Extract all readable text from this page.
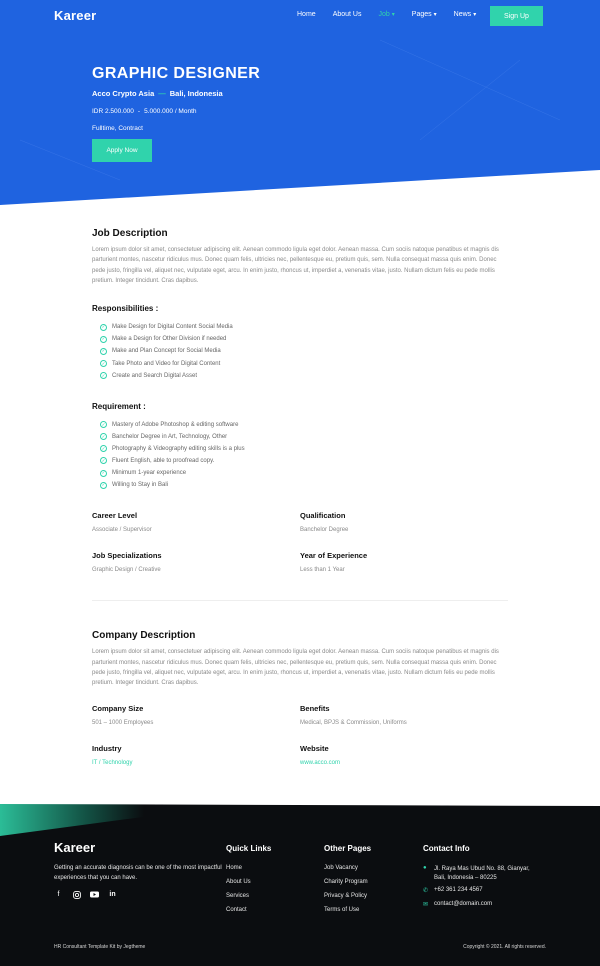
Kareer	Home About Us Job ▾ Pages ▾ News ▾	Sign Up
GRAPHIC DESIGNER
Acco Crypto Asia — Bali, Indonesia
IDR 2.500.000 - 5.000.000 / Month
Fulltime, Contract
Apply Now
Job Description

Lorem ipsum dolor sit amet, consectetuer adipiscing elit. Aenean commodo ligula eget dolor. Aenean massa. Cum sociis natoque penatibus et magnis dis parturient montes, nascetur ridiculus mus. Donec quam felis, ultricies nec, pellentesque eu, pretium quis, sem. Nulla consequat massa quis enim. Donec pede justo, fringilla vel, aliquet nec, vulputate eget, arcu. In enim justo, rhoncus ut, imperdiet a, venenatis vitae, justo. Nullam dictum felis eu pede mollis pretium. Integer tincidunt. Cras dapibus.

Responsibilities :
✓ Make Design for Digital Content Social Media
✓ Make a Design for Other Division if needed
✓ Make and Plan Concept for Social Media
✓ Take Photo and Video for Digital Content
✓ Create and Search Digital Asset
Requirement :
✓ Mastery of Adobe Photoshop & editing software
✓ Banchelor Degree in Art, Technology, Other
✓ Photography & Videography editing skills is a plus
✓ Fluent English, able to proofread copy.
✓ Minimum 1-year experience
✓ Willing to Stay in Bali
Career Level
Associate / Supervisor
Qualification
Banchelor Degree
Job Specializations
Graphic Design / Creative
Year of Experience
Less than 1 Year
Company Description

Lorem ipsum dolor sit amet, consectetuer adipiscing elit. Aenean commodo ligula eget dolor. Aenean massa. Cum sociis natoque penatibus et magnis dis parturient montes, nascetur ridiculus mus. Donec quam felis, ultricies nec, pellentesque eu, pretium quis, sem. Nulla consequat massa quis enim. Donec pede justo, fringilla vel, aliquet nec, vulputate eget, arcu. In enim justo, rhoncus ut, imperdiet a, venenatis vitae, justo. Nullam dictum felis eu pede mollis pretium. Integer tincidunt. Cras dapibus.

Company Size
501 – 1000 Employees
Benefits
Medical, BPJS & Commission, Uniforms
Industry
IT / Technology
Website
www.acco.com
Kareer
Getting an accurate diagnosis can be one of the most impactful experiences that you can have.
f	in
Quick Links
Home
About Us
Services
Contact
Other Pages
Job Vacancy
Charity Program
Privacy & Policy
Terms of Use
Contact Info
●	Jl. Raya Mas Ubud No. 88, Gianyar,
Bali, Indonesia – 80225
✆ +62 361 234 4567
✉ contact@domain.com
HR Consultant Template Kit by Jegtheme	Copyright © 2021. All rights reserved.
